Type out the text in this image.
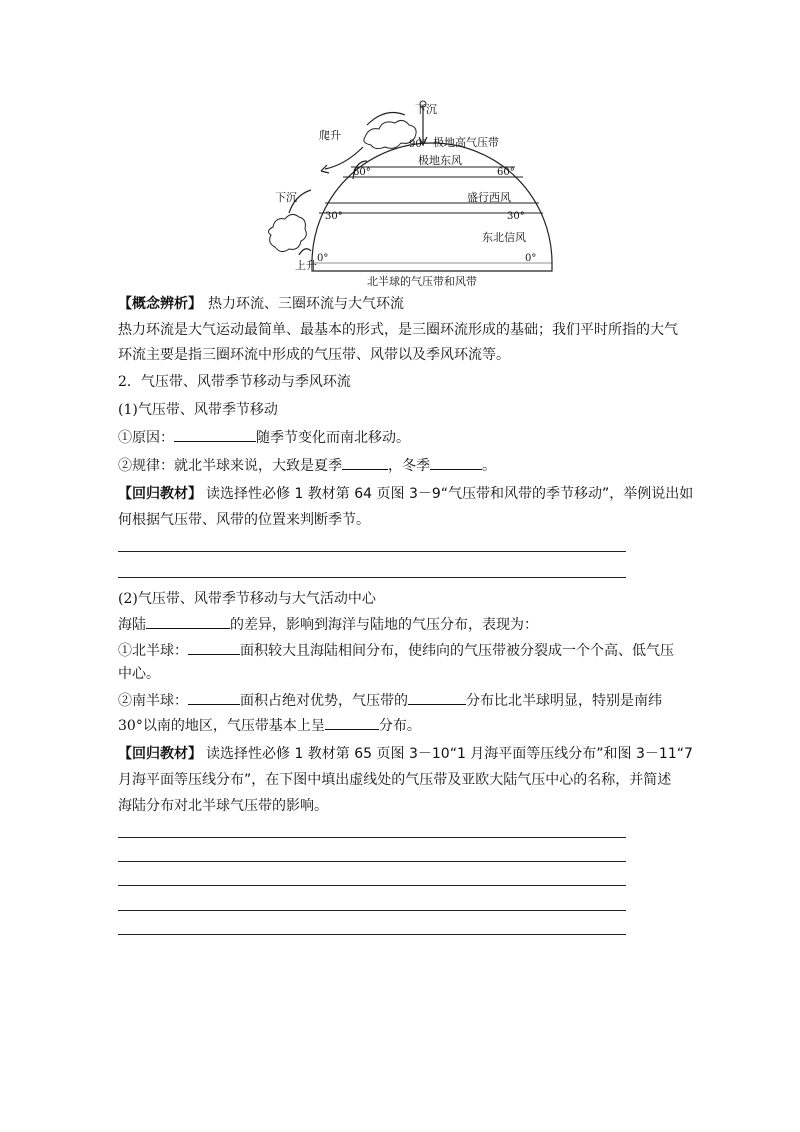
下沉
爬升
下沉
上升
90° 极地高气压带
极地东风
60°	60°
盛行西风
30°	30°
东北信风
0°	0°
北半球的气压带和风带
【概念辨析】 热力环流、三圈环流与大气环流
热力环流是大气运动最简单、最基本的形式，是三圈环流形成的基础；我们平时所指的大气
环流主要是指三圈环流中形成的气压带、风带以及季风环流等。
2．气压带、风带季节移动与季风环流
(1)气压带、风带季节移动
①原因：	随季节变化而南北移动。
②规律：就北半球来说，大致是夏季	，冬季	。
【回归教材】 读选择性必修 1 教材第 64 页图 3－9“气压带和风带的季节移动”，举例说出如
何根据气压带、风带的位置来判断季节。
(2)气压带、风带季节移动与大气活动中心
海陆	的差异，影响到海洋与陆地的气压分布，表现为：
①北半球：	面积较大且海陆相间分布，使纬向的气压带被分裂成一个个高、低气压
中心。
②南半球：	面积占绝对优势，气压带的	分布比北半球明显，特别是南纬
30°以南的地区，气压带基本上呈	分布。
【回归教材】 读选择性必修 1 教材第 65 页图 3－10“1 月海平面等压线分布”和图 3－11“7
月海平面等压线分布”，在下图中填出虚线处的气压带及亚欧大陆气压中心的名称，并简述
海陆分布对北半球气压带的影响。
